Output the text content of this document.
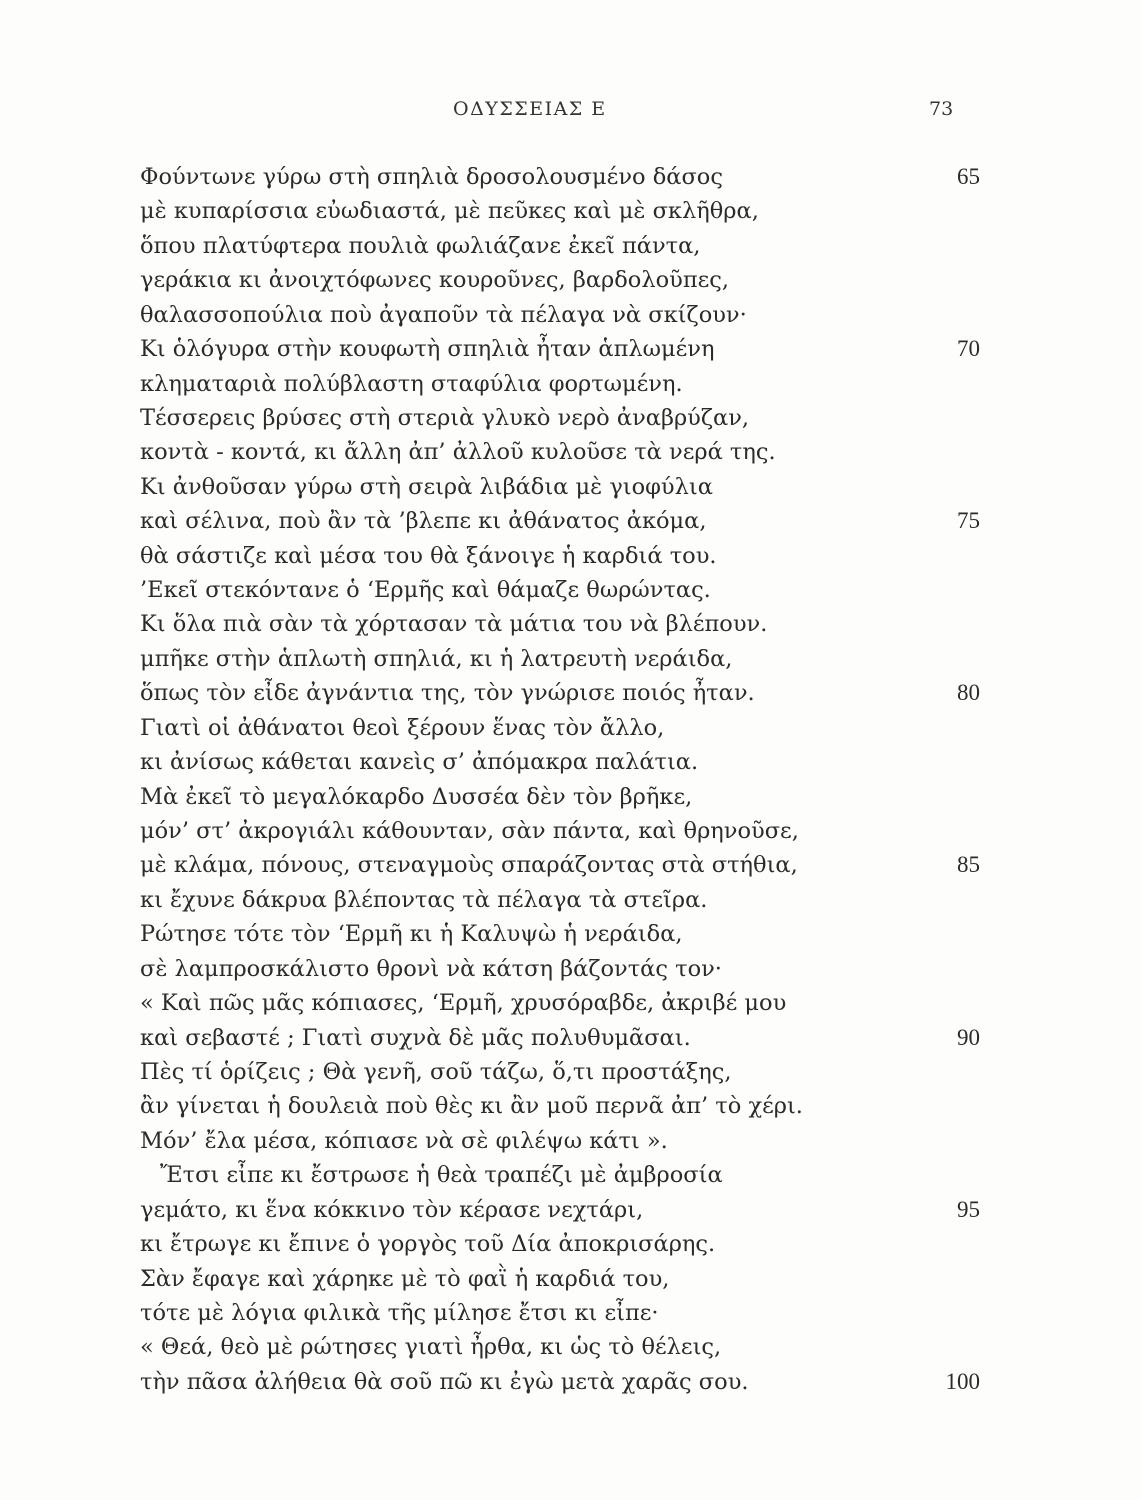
ΟΔΥΣΣΕΙΑΣ Ε	73
Φούντωνε γύρω στὴ σπηλιὰ δροσολουσμένο δάσος	65
μὲ κυπαρίσσια εὐωδιαστά, μὲ πεῦκες καὶ μὲ σκλῆθρα,
ὅπου πλατύφτερα πουλιὰ φωλιάζανε ἐκεῖ πάντα,
γεράκια κι ἀνοιχτόφωνες κουροῦνες, βαρδολοῦπες,
θαλασσοπούλια ποὺ ἀγαποῦν τὰ πέλαγα νὰ σκίζουν·
Κι ὁλόγυρα στὴν κουφωτὴ σπηλιὰ ἦταν ἁπλωμένη	70
κληματαριὰ πολύβλαστη σταφύλια φορτωμένη.
Τέσσερεις βρύσες στὴ στεριὰ γλυκὸ νερὸ ἀναβρύζαν,
κοντὰ - κοντά, κι ἄλλη ἀπ’ ἀλλοῦ κυλοῦσε τὰ νερά της.
Κι ἀνθοῦσαν γύρω στὴ σειρὰ λιβάδια μὲ γιοφύλια
καὶ σέλινα, ποὺ ἂν τὰ ’βλεπε κι ἀθάνατος ἀκόμα,	75
θὰ σάστιζε καὶ μέσα του θὰ ξάνοιγε ἡ καρδιά του.
’Εκεῖ στεκόντανε ὁ ‘Ερμῆς καὶ θάμαζε θωρώντας.
Κι ὅλα πιὰ σὰν τὰ χόρτασαν τὰ μάτια του νὰ βλέπουν.
μπῆκε στὴν ἁπλωτὴ σπηλιά, κι ἡ λατρευτὴ νεράιδα,
ὅπως τὸν εἶδε ἀγνάντια της, τὸν γνώρισε ποιός ἦταν.	80
Γιατὶ οἱ ἀθάνατοι θεοὶ ξέρουν ἕνας τὸν ἄλλο,
κι ἀνίσως κάθεται κανεὶς σ’ ἀπόμακρα παλάτια.
Μὰ ἐκεῖ τὸ μεγαλόκαρδο Δυσσέα δὲν τὸν βρῆκε,
μόν’ στ’ ἀκρογιάλι κάθουνταν, σὰν πάντα, καὶ θρηνοῦσε,
μὲ κλάμα, πόνους, στεναγμοὺς σπαράζοντας στὰ στήθια,	85
κι ἔχυνε δάκρυα βλέποντας τὰ πέλαγα τὰ στεῖρα.
Ρώτησε τότε τὸν ‘Ερμῆ κι ἡ Καλυψὼ ἡ νεράιδα,
σὲ λαμπροσκάλιστο θρονὶ νὰ κάτση βάζοντάς τον·
« Καὶ πῶς μᾶς κόπιασες, ‘Ερμῆ, χρυσόραβδε, ἀκριβέ μου
καὶ σεβαστέ ; Γιατὶ συχνὰ δὲ μᾶς πολυθυμᾶσαι.	90
Πὲς τί ὁρίζεις ; Θὰ γενῆ, σοῦ τάζω, ὅ,τι προστάξης,
ἂν γίνεται ἡ δουλειὰ ποὺ θὲς κι ἂν μοῦ περνᾶ ἀπ’ τὸ χέρι.
Μόν’ ἔλα μέσα, κόπιασε νὰ σὲ φιλέψω κάτι ».
Ἔτσι εἶπε κι ἔστρωσε ἡ θεὰ τραπέζι μὲ ἀμβροσία
γεμάτο, κι ἕνα κόκκινο τὸν κέρασε νεχτάρι,	95
κι ἔτρωγε κι ἔπινε ὁ γοργὸς τοῦ Δία ἀποκρισάρης.
Σὰν ἔφαγε καὶ χάρηκε μὲ τὸ φαῒ ἡ καρδιά του,
τότε μὲ λόγια φιλικὰ τῆς μίλησε ἔτσι κι εἶπε·
« Θεά, θεὸ μὲ ρώτησες γιατὶ ἦρθα, κι ὡς τὸ θέλεις,
τὴν πᾶσα ἀλήθεια θὰ σοῦ πῶ κι ἐγὼ μετὰ χαρᾶς σου.	100
